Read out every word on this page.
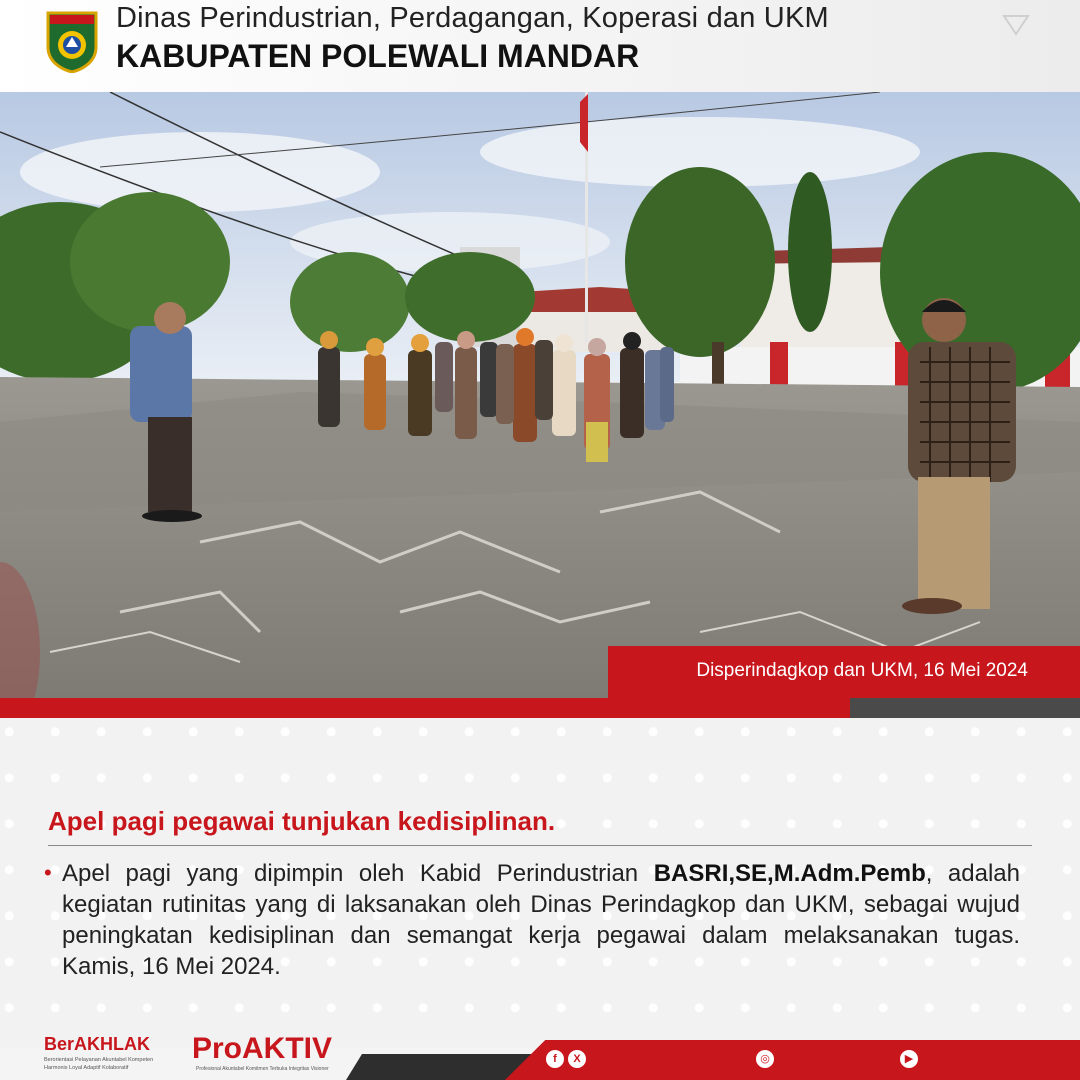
Dinas Perindustrian, Perdagangan, Koperasi dan UKM
KABUPATEN POLEWALI MANDAR
Disperindagkop dan UKM, 16 Mei 2024
Apel pagi pegawai tunjukan kedisiplinan.
• Apel pagi yang dipimpin oleh Kabid Perindustrian BASRI,SE,M.Adm.Pemb, adalah kegiatan rutinitas yang di laksanakan oleh Dinas Perindagkop dan UKM, sebagai wujud peningkatan kedisiplinan dan semangat kerja pegawai dalam melaksanakan tugas. Kamis, 16 Mei 2024.
BerAKHLAK
Berorientasi Pelayanan Akuntabel Kompeten Harmonis Loyal Adaptif Kolaboratif
ProAKTIV
Profesional Akuntabel Komitmen Terbuka Integritas Visioner
f	X	◎	▶
